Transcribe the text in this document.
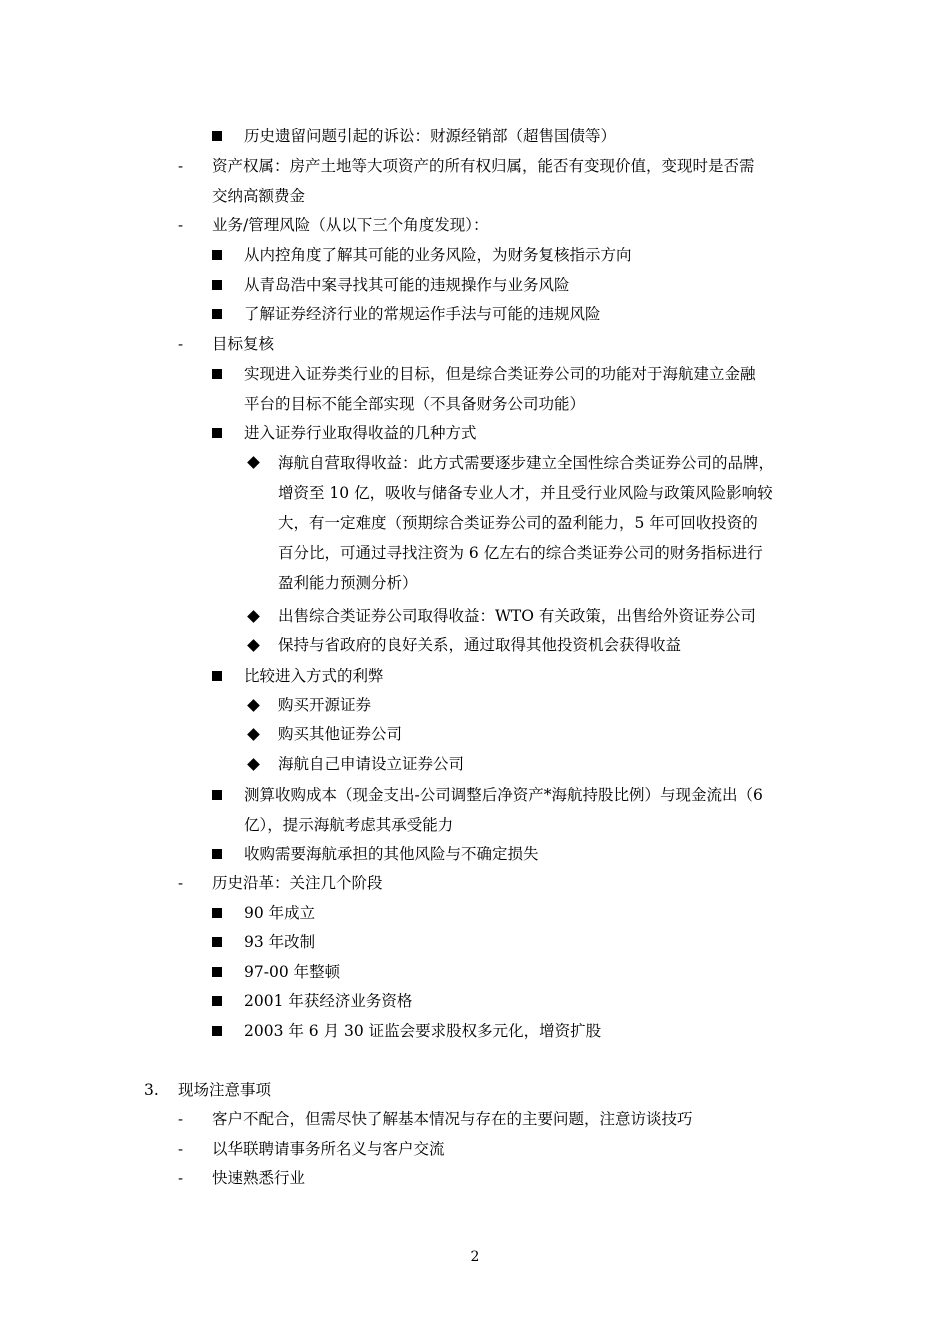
历史遗留问题引起的诉讼：财源经销部（超售国债等）
- 资产权属：房产土地等大项资产的所有权归属，能否有变现价值，变现时是否需
交纳高额费金
- 业务/管理风险（从以下三个角度发现）：
从内控角度了解其可能的业务风险，为财务复核指示方向
从青岛浩中案寻找其可能的违规操作与业务风险
了解证券经济行业的常规运作手法与可能的违规风险
- 目标复核
实现进入证券类行业的目标，但是综合类证券公司的功能对于海航建立金融
平台的目标不能全部实现（不具备财务公司功能）
进入证券行业取得收益的几种方式
海航自营取得收益：此方式需要逐步建立全国性综合类证券公司的品牌，
增资至 10 亿，吸收与储备专业人才，并且受行业风险与政策风险影响较
大，有一定难度（预期综合类证券公司的盈利能力，5 年可回收投资的
百分比，可通过寻找注资为 6 亿左右的综合类证券公司的财务指标进行
盈利能力预测分析）
出售综合类证券公司取得收益：WTO 有关政策，出售给外资证券公司
保持与省政府的良好关系，通过取得其他投资机会获得收益
比较进入方式的利弊
购买开源证券
购买其他证券公司
海航自己申请设立证券公司
测算收购成本（现金支出-公司调整后净资产*海航持股比例）与现金流出（6
亿），提示海航考虑其承受能力
收购需要海航承担的其他风险与不确定损失
- 历史沿革：关注几个阶段
90 年成立
93 年改制
97-00 年整顿
2001 年获经济业务资格
2003 年 6 月 30 证监会要求股权多元化，增资扩股
3. 现场注意事项
- 客户不配合，但需尽快了解基本情况与存在的主要问题，注意访谈技巧
- 以华联聘请事务所名义与客户交流
- 快速熟悉行业
2
